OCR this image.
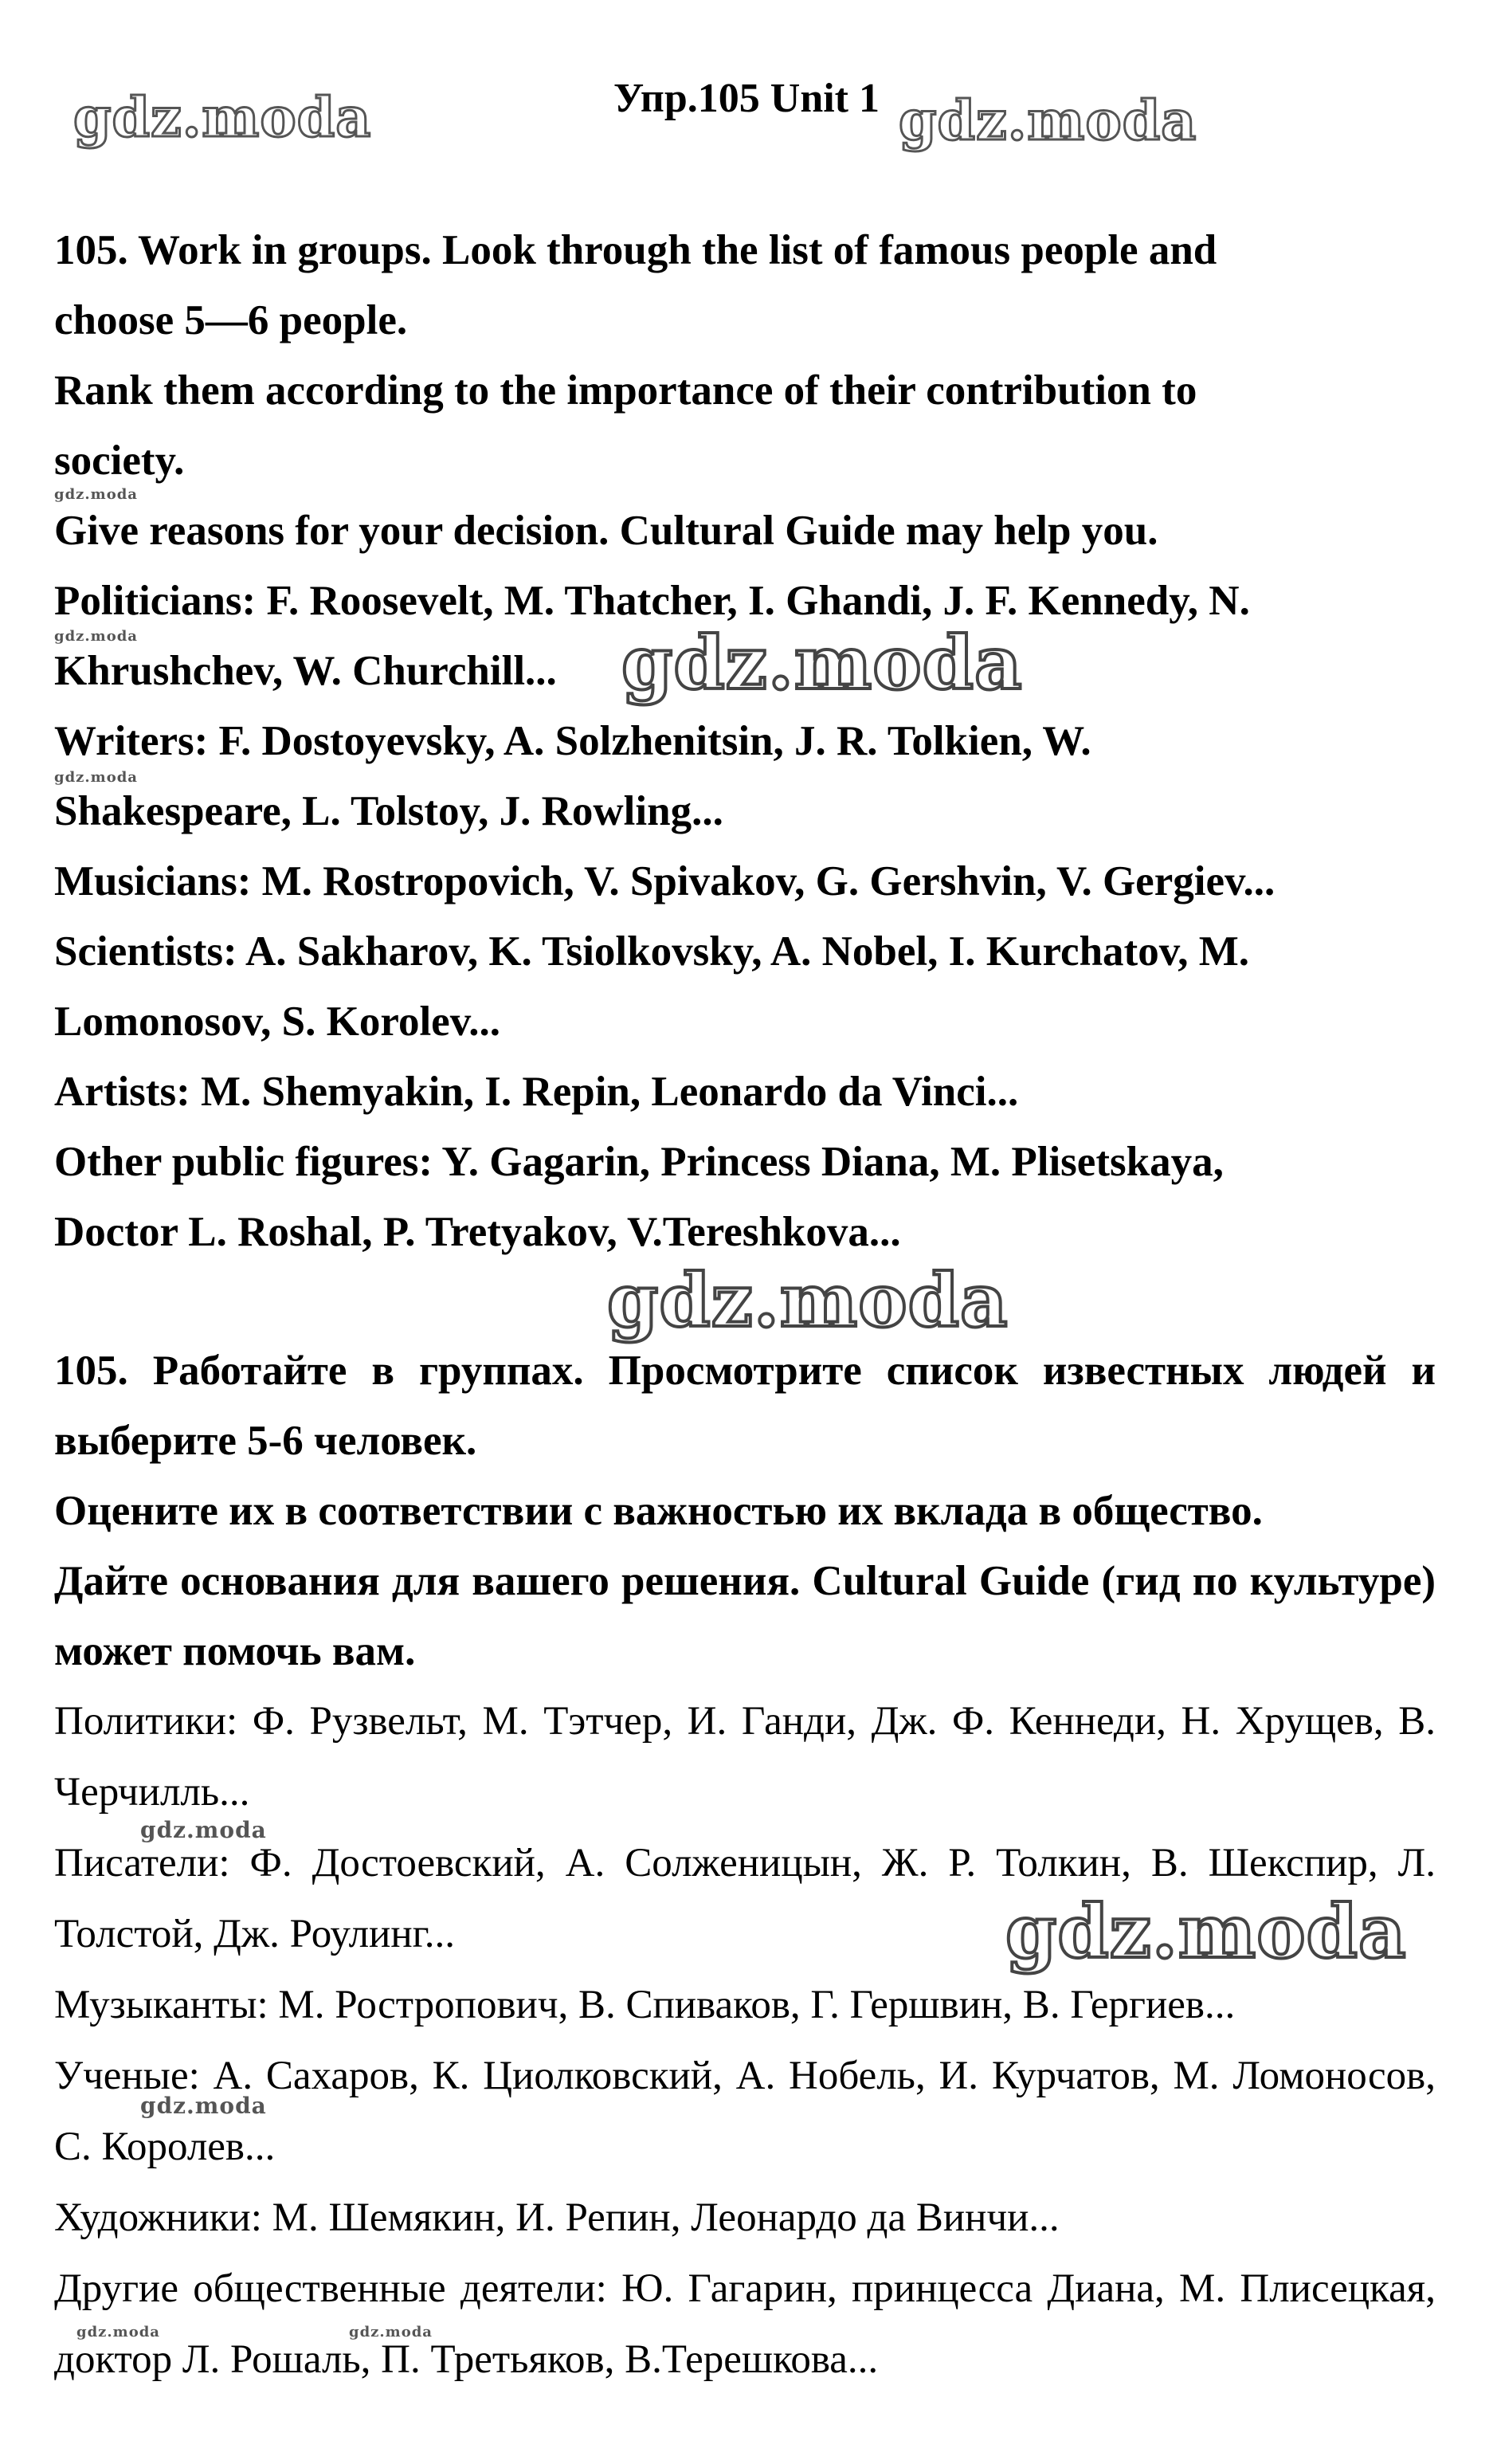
Упр.105 Unit 1

105. Work in groups. Look through the list of famous people and

choose 5—6 people.

Rank them according to the importance of their contribution to

society.

Give reasons for your decision. Cultural Guide may help you.

Politicians: F. Roosevelt, M. Thatcher, I. Ghandi, J. F. Kennedy, N.

Khrushchev, W. Churchill...

Writers: F. Dostoyevsky, A. Solzhenitsin, J. R. Tolkien, W.

Shakespeare, L. Tolstoy, J. Rowling...

Musicians: M. Rostropovich, V. Spivakov, G. Gershvin, V. Gergiev...

Scientists: A. Sakharov, K. Tsiolkovsky, A. Nobel, I. Kurchatov, M.

Lomonosov, S. Korolev...

Artists: M. Shemyakin, I. Repin, Leonardo da Vinci...

Other public figures: Y. Gagarin, Princess Diana, M. Plisetskaya,

Doctor L. Roshal, P. Tretyakov, V.Tereshkova...

105. Работайте в группах. Просмотрите список известных людей и выберите 5-6 человек.

Оцените их в соответствии с важностью их вклада в общество.

Дайте основания для вашего решения. Cultural Guide (гид по культуре) может помочь вам.

Политики: Ф. Рузвельт, М. Тэтчер, И. Ганди, Дж. Ф. Кеннеди, Н. Хрущев, В. Черчилль...

Писатели: Ф. Достоевский, А. Солженицын, Ж. Р. Толкин, В. Шекспир, Л. Толстой, Дж. Роулинг...

Музыканты: М. Ростропович, В. Спиваков, Г. Гершвин, В. Гергиев...

Ученые: А. Сахаров, К. Циолковский, А. Нобель, И. Курчатов, М. Ломоносов, С. Королев...

Художники: М. Шемякин, И. Репин, Леонардо да Винчи...

Другие общественные деятели: Ю. Гагарин, принцесса Диана, М. Плисецкая, доктор Л. Рошаль, П. Третьяков, В.Терешкова...

gdz.moda	gdz.moda
gdz.moda
gdz.moda	gdz.moda
gdz.moda
gdz.moda
gdz.moda
gdz.moda
gdz.moda
gdz.moda	gdz.moda
